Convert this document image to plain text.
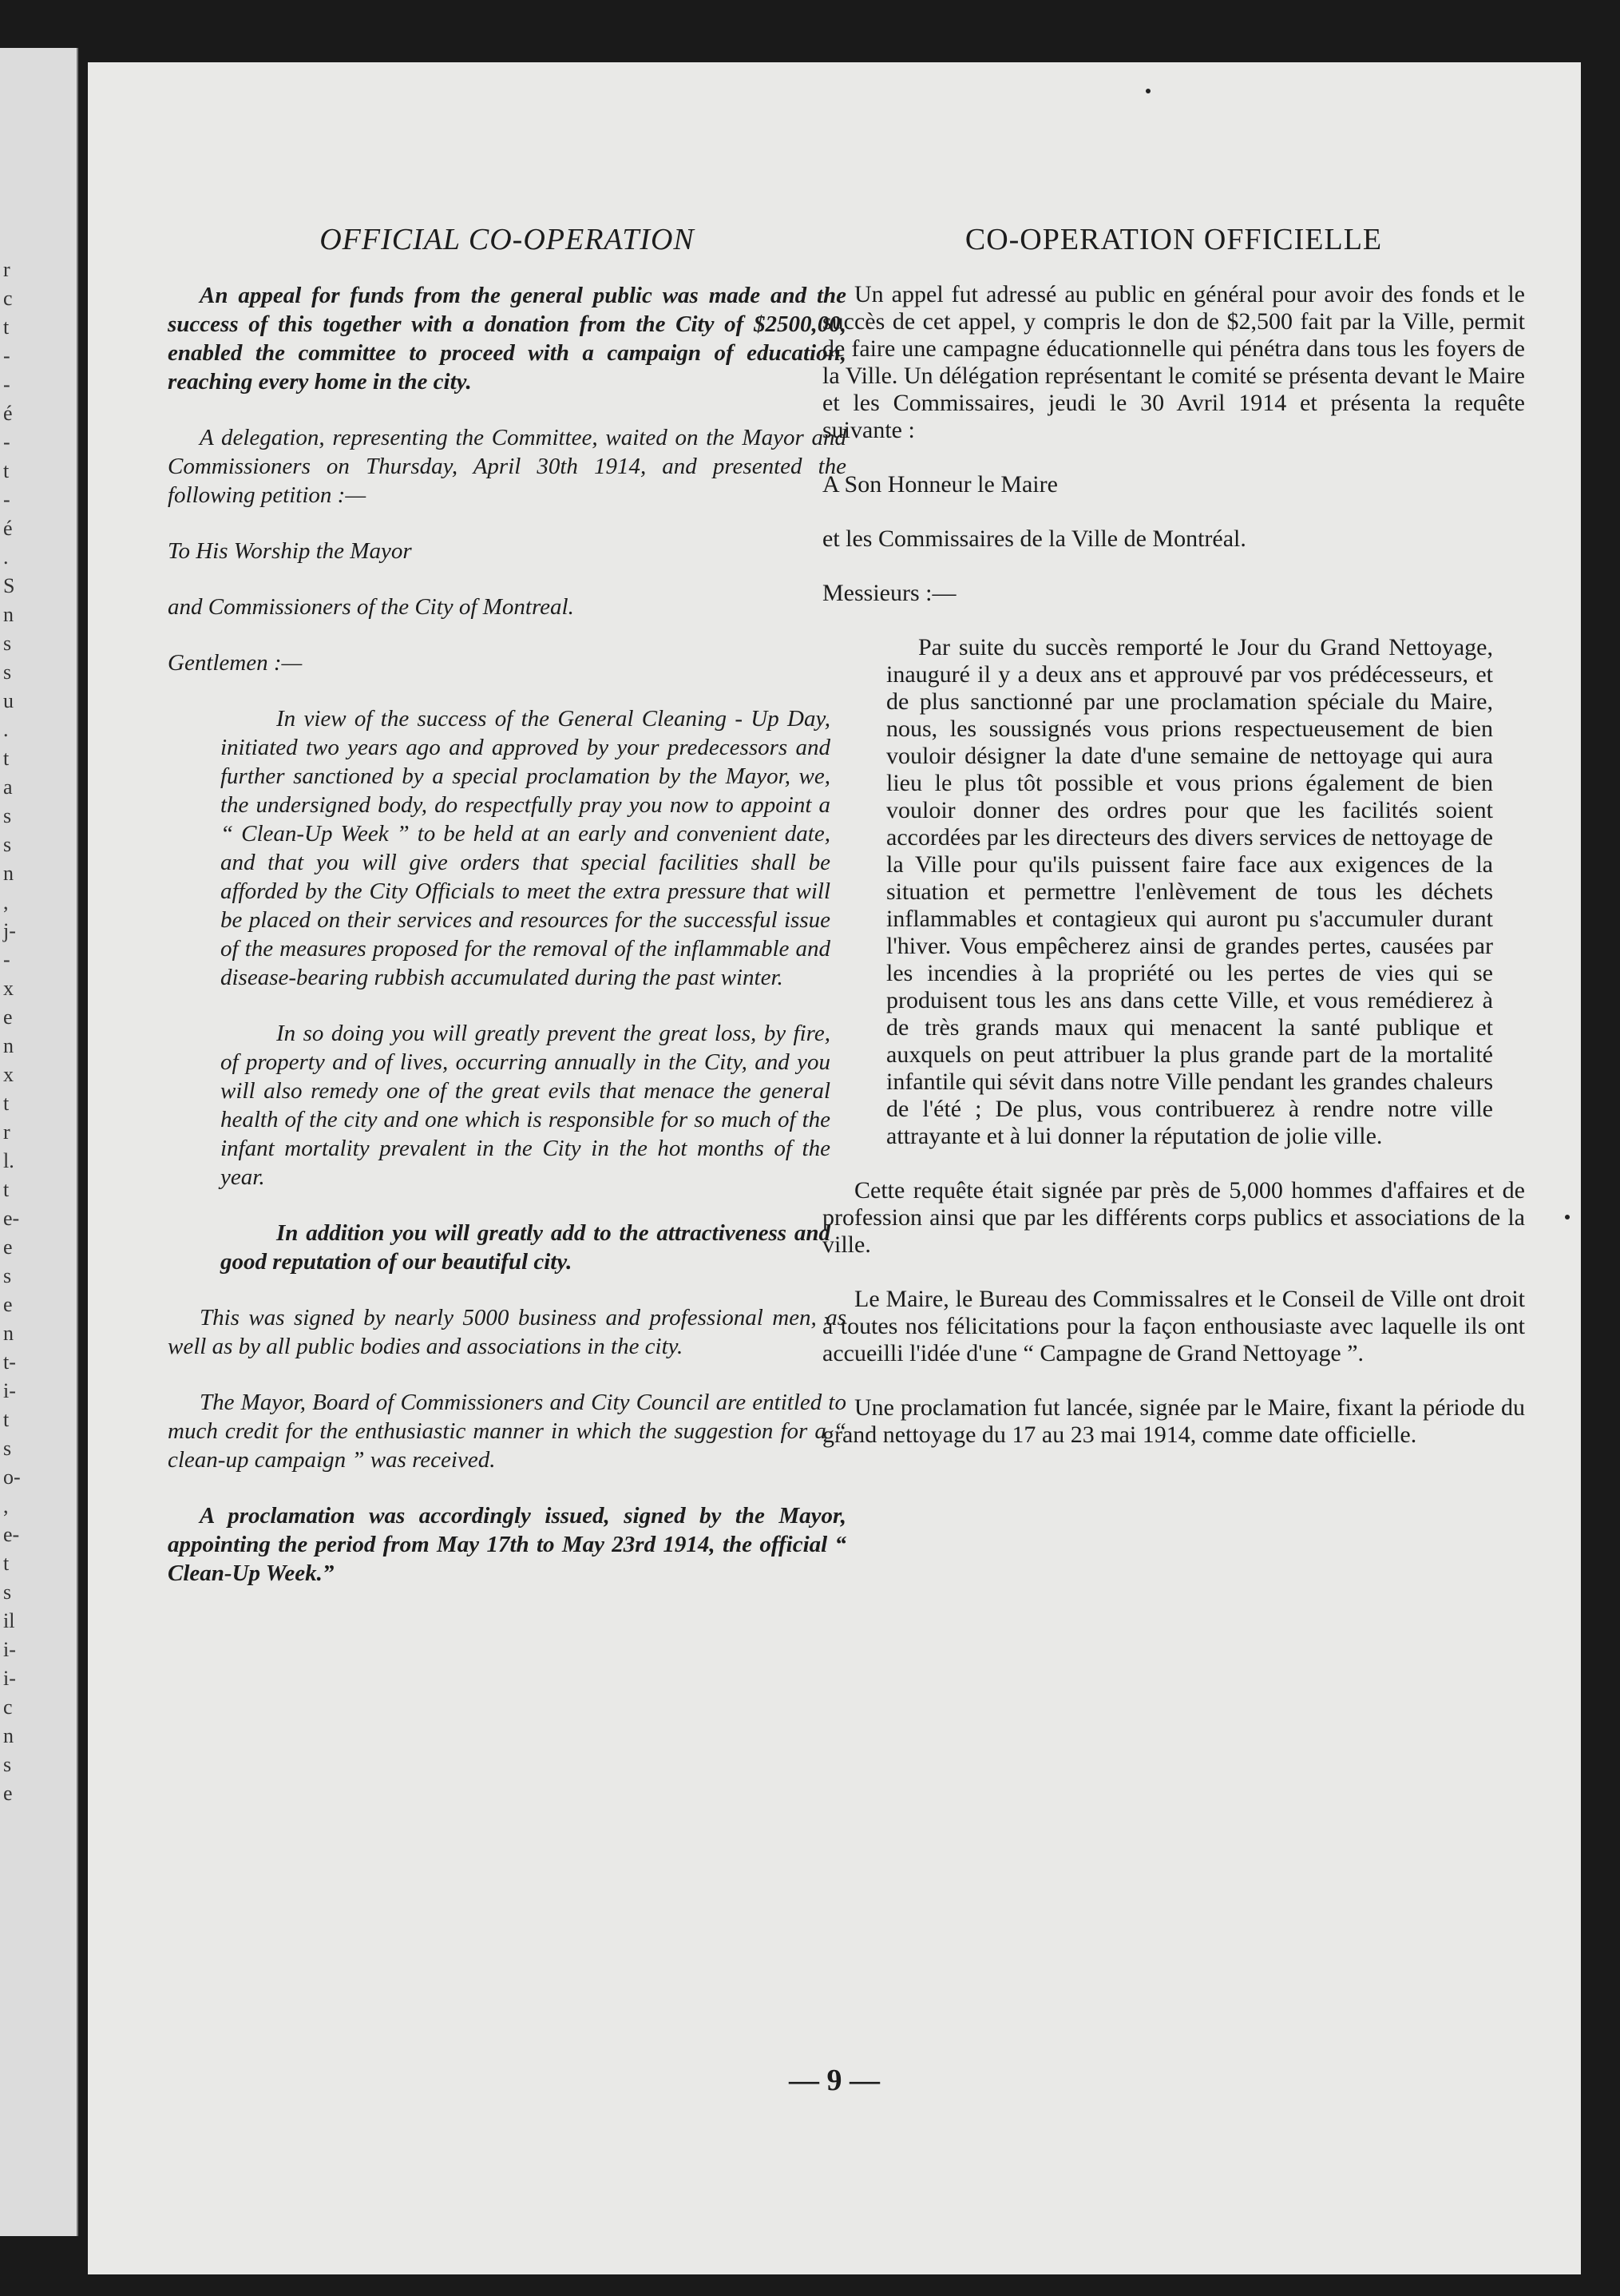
r
c
t
-
-
é
-
t
-
é
.
S
n
s
s
u
.
t
a
s
s
n
,
j-
-
x
e
n
x
t
r
l.
t
e-
e
s
e
n
t-
i-
t
s
o-
,
e-
t
s
il
i-
i-
c
n
s
e
OFFICIAL CO-OPERATION

An appeal for funds from the general public was made and the success of this together with a donation from the City of $2500,00, enabled the committee to proceed with a campaign of education, reaching every home in the city.

A delegation, representing the Committee, waited on the Mayor and Commissioners on Thursday, April 30th 1914, and presented the following petition :—

To His Worship the Mayor

and Commissioners of the City of Montreal.

Gentlemen :—

In view of the success of the General Cleaning - Up Day, initiated two years ago and approved by your predecessors and further sanctioned by a special proclamation by the Mayor, we, the undersigned body, do respectfully pray you now to appoint a “ Clean-Up Week ” to be held at an early and convenient date, and that you will give orders that special facilities shall be afforded by the City Officials to meet the extra pressure that will be placed on their services and resources for the successful issue of the measures proposed for the removal of the inflammable and disease-bearing rubbish accumulated during the past winter.

In so doing you will greatly prevent the great loss, by fire, of property and of lives, occurring annually in the City, and you will also remedy one of the great evils that menace the general health of the city and one which is responsible for so much of the infant mortality prevalent in the City in the hot months of the year.

In addition you will greatly add to the attractiveness and good reputation of our beautiful city.

This was signed by nearly 5000 business and professional men, as well as by all public bodies and associations in the city.

The Mayor, Board of Commissioners and City Council are entitled to much credit for the enthusiastic manner in which the suggestion for a “ clean-up campaign ” was received.

A proclamation was accordingly issued, signed by the Mayor, appointing the period from May 17th to May 23rd 1914, the official “ Clean-Up Week.”

CO-OPERATION OFFICIELLE

Un appel fut adressé au public en général pour avoir des fonds et le succès de cet appel, y compris le don de $2,500 fait par la Ville, permit de faire une campagne éducationnelle qui pénétra dans tous les foyers de la Ville. Un délégation représentant le comité se présenta devant le Maire et les Commissaires, jeudi le 30 Avril 1914 et présenta la requête suivante :

A Son Honneur le Maire

et les Commissaires de la Ville de Montréal.

Messieurs :—

Par suite du succès remporté le Jour du Grand Nettoyage, inauguré il y a deux ans et approuvé par vos prédécesseurs, et de plus sanctionné par une proclamation spéciale du Maire, nous, les soussignés vous prions respectueusement de bien vouloir désigner la date d'une semaine de nettoyage qui aura lieu le plus tôt possible et vous prions également de bien vouloir donner des ordres pour que les facilités soient accordées par les directeurs des divers services de nettoyage de la Ville pour qu'ils puissent faire face aux exigences de la situation et permettre l'enlèvement de tous les déchets inflammables et contagieux qui auront pu s'accumuler durant l'hiver. Vous empêcherez ainsi de grandes pertes, causées par les incendies à la propriété ou les pertes de vies qui se produisent tous les ans dans cette Ville, et vous remédierez à de très grands maux qui menacent la santé publique et auxquels on peut attribuer la plus grande part de la mortalité infantile qui sévit dans notre Ville pendant les grandes chaleurs de l'été ; De plus, vous contribuerez à rendre notre ville attrayante et à lui donner la réputation de jolie ville.

Cette requête était signée par près de 5,000 hommes d'affaires et de profession ainsi que par les différents corps publics et associations de la ville.

Le Maire, le Bureau des Commissalres et le Conseil de Ville ont droit à toutes nos félicitations pour la façon enthousiaste avec laquelle ils ont accueilli l'idée d'une “ Campagne de Grand Nettoyage ”.

Une proclamation fut lancée, signée par le Maire, fixant la période du grand nettoyage du 17 au 23 mai 1914, comme date officielle.

— 9 —
